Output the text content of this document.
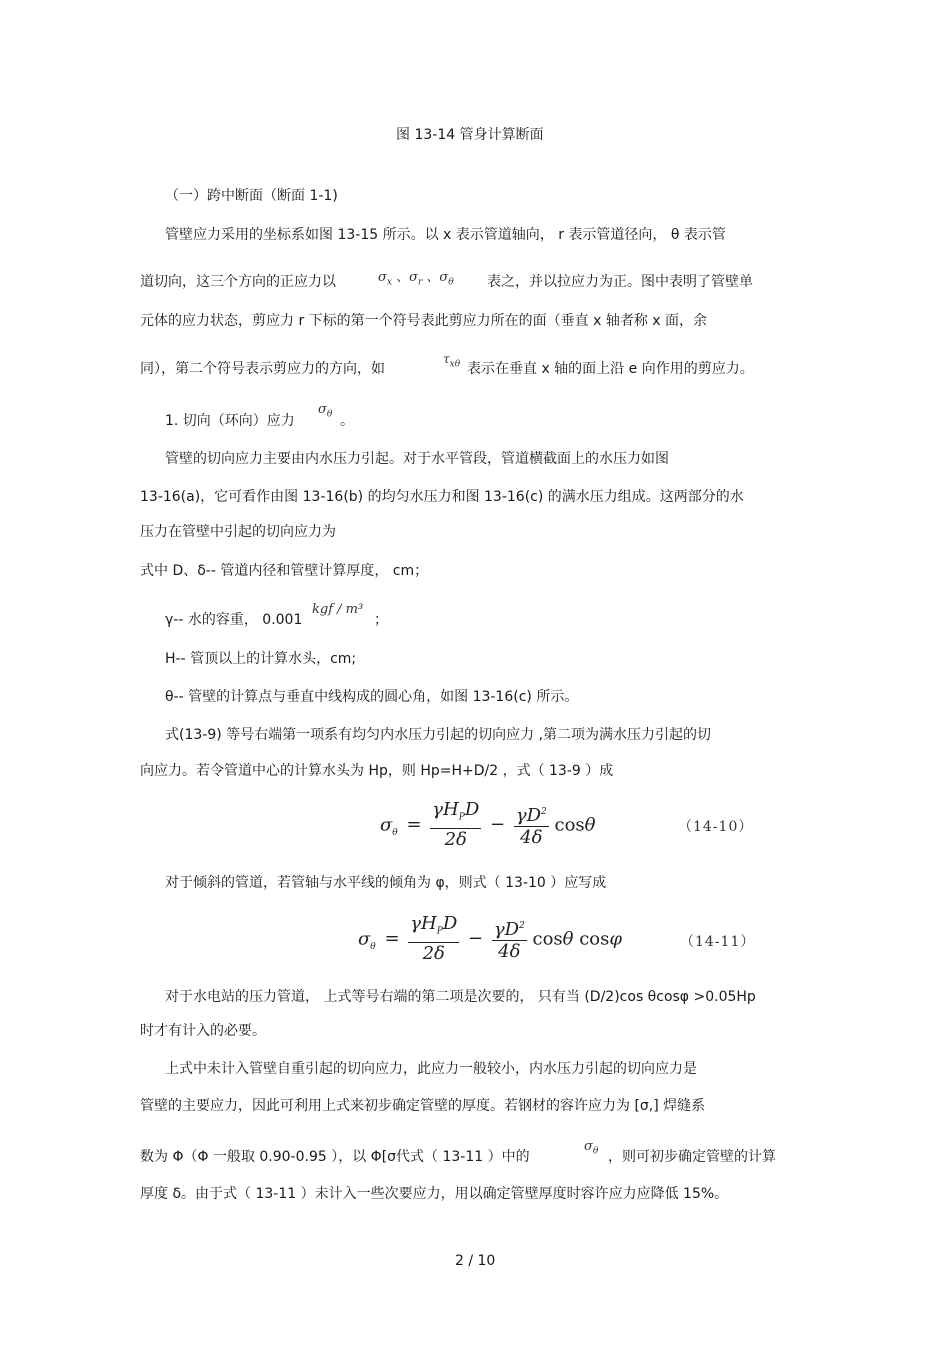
图 13-14 管身计算断面
（一）跨中断面（断面 1-1)
管壁应力采用的坐标系如图 13-15 所示。以 x 表示管道轴向， r 表示管道径向， θ 表示管
道切向，这三个方向的正应力以	$\sigma_x$ 、$\sigma_r$ 、$\sigma_\theta$ 表之，并以拉应力为正。图中表明了管壁单
元体的应力状态，剪应力 r 下标的第一个符号表此剪应力所在的面（垂直 x 轴者称 x 面，余
同），第二个符号表示剪应力的方向，如
$\tau_{x\theta}$ 表示在垂直 x 轴的面上沿 e 向作用的剪应力。
1. 切向（环向）应力
$\sigma_\theta$ 。
管壁的切向应力主要由内水压力引起。对于水平管段，管道横截面上的水压力如图
13-16(a)，它可看作由图 13-16(b) 的均匀水压力和图 13-16(c) 的满水压力组成。这两部分的水
压力在管壁中引起的切向应力为
式中 D、δ-- 管道内径和管壁计算厚度， cm；
γ-- 水的容重， 0.001
kgf / m³
；
H-- 管顶以上的计算水头，cm;
θ-- 管壁的计算点与垂直中线构成的圆心角，如图 13-16(c) 所示。
式(13-9) 等号右端第一项系有均匀内水压力引起的切向应力 ,第二项为满水压力引起的切
向应力。若令管道中心的计算水头为 Hp，则 Hp=H+D/2 ，式（ 13-9 ）成
$\sigma_\theta = \frac{\gamma H_PD}{2\delta} - \frac{\gamma D^2}{4\delta}$ cosθ	（14-10）
对于倾斜的管道，若管轴与水平线的倾角为 φ，则式（ 13-10 ）应写成
$\sigma_\theta = \frac{\gamma H_PD}{2\delta} - \frac{\gamma D^2}{4\delta}$ cosθ cosφ	（14-11）
对于水电站的压力管道， 上式等号右端的第二项是次要的， 只有当 (D/2)cos θcosφ >0.05Hp
时才有计入的必要。
上式中未计入管壁自重引起的切向应力，此应力一般较小，内水压力引起的切向应力是
管壁的主要应力，因此可利用上式来初步确定管壁的厚度。若钢材的容许应力为 [σ,] 焊缝系
数为 Φ（Φ 一般取 0.90-0.95 ），以 Φ[σ代式（ 13-11 ）中的
$\sigma_\theta$ ，则可初步确定管壁的计算
厚度 δ。由于式（ 13-11 ）未计入一些次要应力，用以确定管壁厚度时容许应力应降低 15%。
2 / 10
